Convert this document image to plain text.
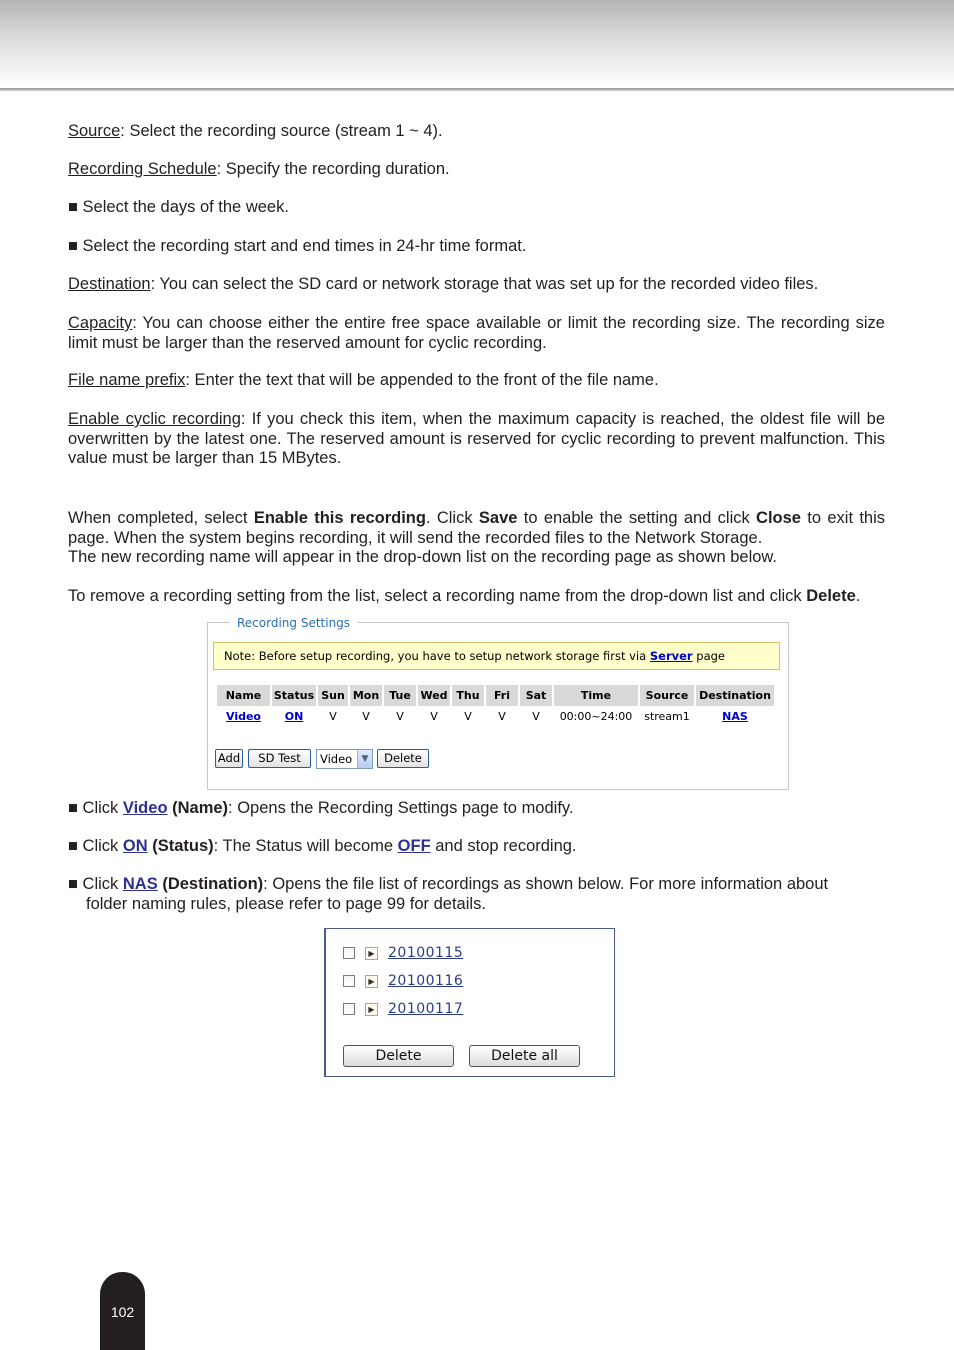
Source: Select the recording source (stream 1 ~ 4).

Recording Schedule: Specify the recording duration.

■ Select the days of the week.

■ Select the recording start and end times in 24-hr time format.

Destination: You can select the SD card or network storage that was set up for the recorded video files.

Capacity: You can choose either the entire free space available or limit the recording size. The recording size limit must be larger than the reserved amount for cyclic recording.

File name prefix: Enter the text that will be appended to the front of the file name.

Enable cyclic recording: If you check this item, when the maximum capacity is reached, the oldest file will be overwritten by the latest one. The reserved amount is reserved for cyclic recording to prevent malfunction. This value must be larger than 15 MBytes.

When completed, select Enable this recording. Click Save to enable the setting and click Close to exit this page. When the system begins recording, it will send the recorded files to the Network Storage.
The new recording name will appear in the drop-down list on the recording page as shown below.

To remove a recording setting from the list, select a recording name from the drop-down list and click Delete.

Recording Settings
Note: Before setup recording, you have to setup network storage first via Server page
Name	Status	Sun	Mon	Tue	Wed	Thu	Fri	Sat	Time	Source	Destination
Video	ON	V	V	V	V	V	V	V	00:00~24:00	stream1	NAS
Add	SD Test	Video	▼	Delete
■ Click Video (Name): Opens the Recording Settings page to modify.
■ Click ON (Status): The Status will become OFF and stop recording.
■ Click NAS (Destination): Opens the file list of recordings as shown below. For more information about
folder naming rules, please refer to page 99 for details.
▶ 20100115
▶ 20100116
▶ 20100117
Delete	Delete all
102
